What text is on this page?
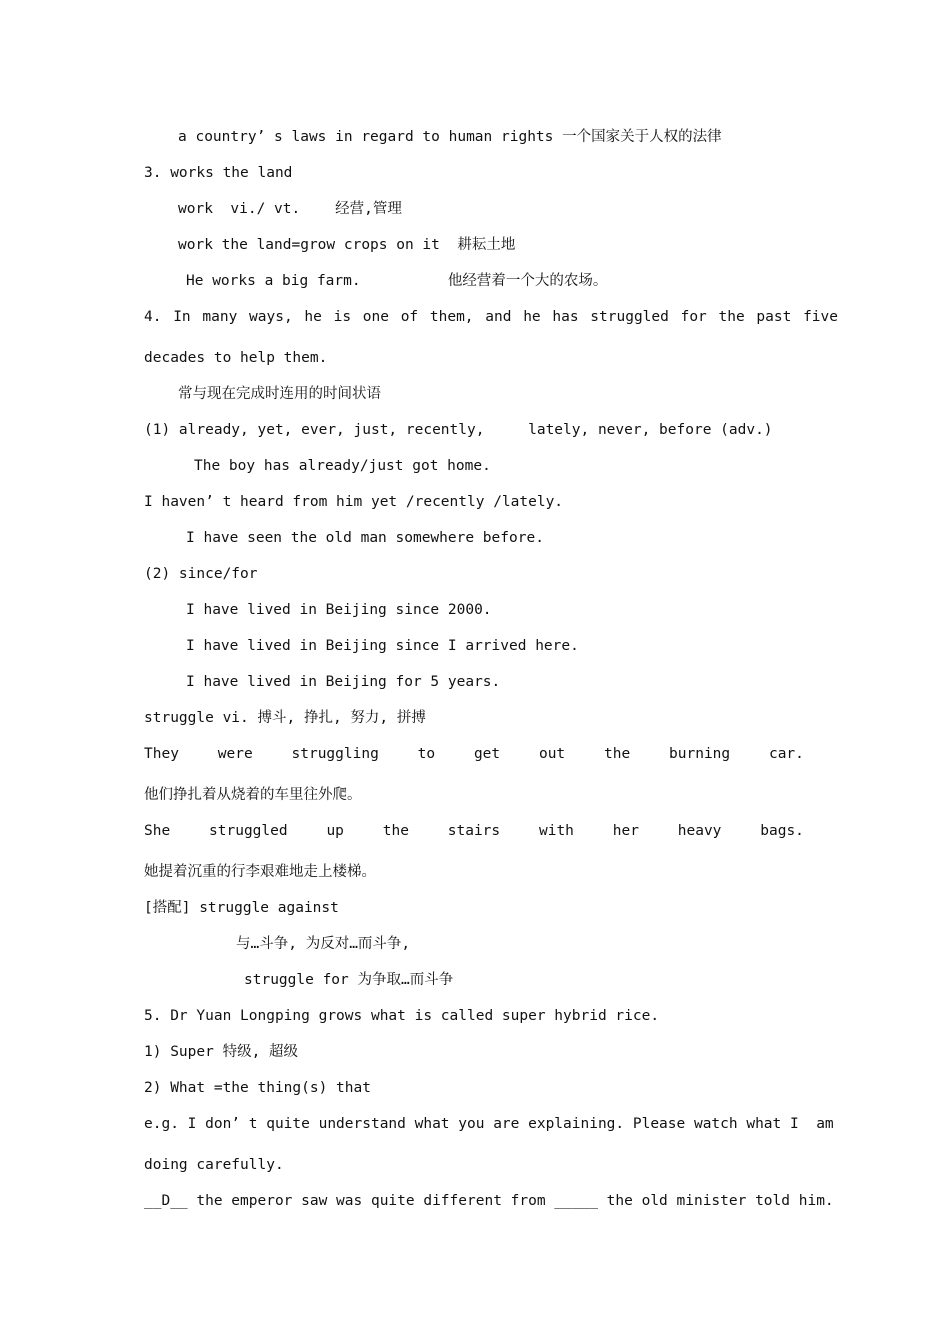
a country’ s laws in regard to human rights 一个国家关于人权的法律
3. works the land
work  vi./ vt.    经营,管理
work the land=grow crops on it  耕耘土地
He works a big farm.          他经营着一个大的农场。
4. In many ways, he is one of them, and he has struggled for the past five
decades to help them.
常与现在完成时连用的时间状语
(1) already, yet, ever, just, recently,     lately, never, before (adv.)
The boy has already/just got home.
I haven’ t heard from him yet /recently /lately.
I have seen the old man somewhere before.
(2) since/for
I have lived in Beijing since 2000.
I have lived in Beijing since I arrived here.
I have lived in Beijing for 5 years.
struggle vi. 搏斗, 挣扎, 努力, 拼搏
They	were	struggling	to	get	out	the	burning	car.
他们挣扎着从烧着的车里往外爬。
She	struggled	up	the	stairs	with	her	heavy	bags.
她提着沉重的行李艰难地走上楼梯。
[搭配] struggle against
与…斗争, 为反对…而斗争,
struggle for 为争取…而斗争
5. Dr Yuan Longping grows what is called super hybrid rice.
1) Super 特级, 超级
2) What =the thing(s) that
e.g. I don’ t quite understand what you are explaining. Please watch what I  am
doing carefully.
__D__ the emperor saw was quite different from _____ the old minister told him.
